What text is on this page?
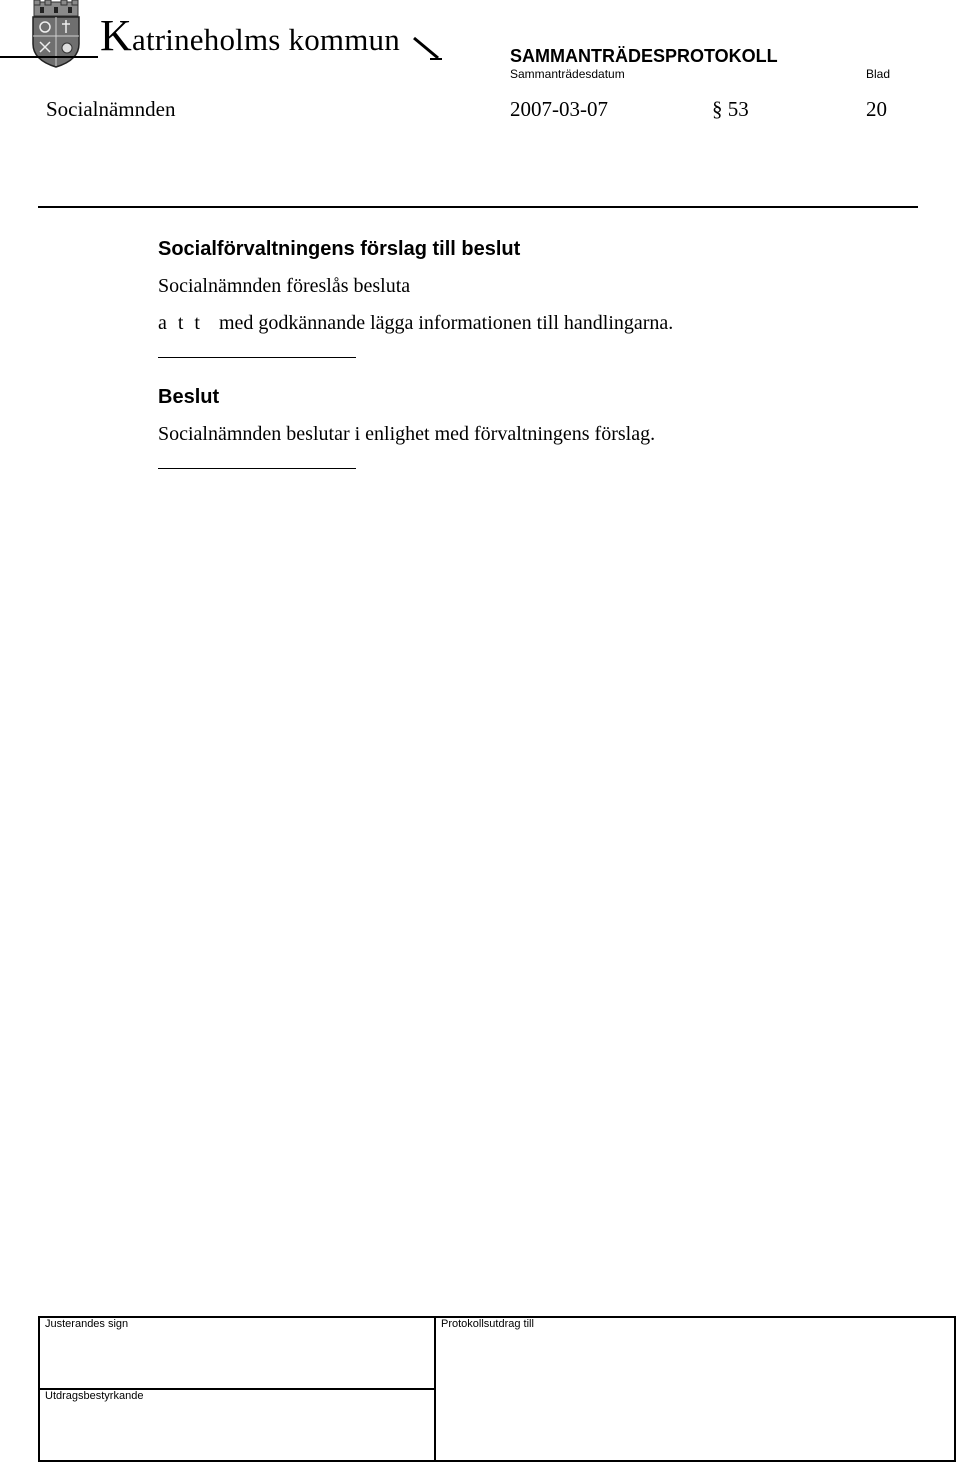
Katrineholms kommun	SAMMANTRÄDESPROTOKOLL
Sammanträdesdatum	Blad
Socialnämnden	2007-03-07	§ 53	20
Socialförvaltningens förslag till beslut
Socialnämnden föreslås besluta
a t t med godkännande lägga informationen till handlingarna.
Beslut
Socialnämnden beslutar i enlighet med förvaltningens förslag.
Justerandes sign	Protokollsutdrag till
Utdragsbestyrkande
